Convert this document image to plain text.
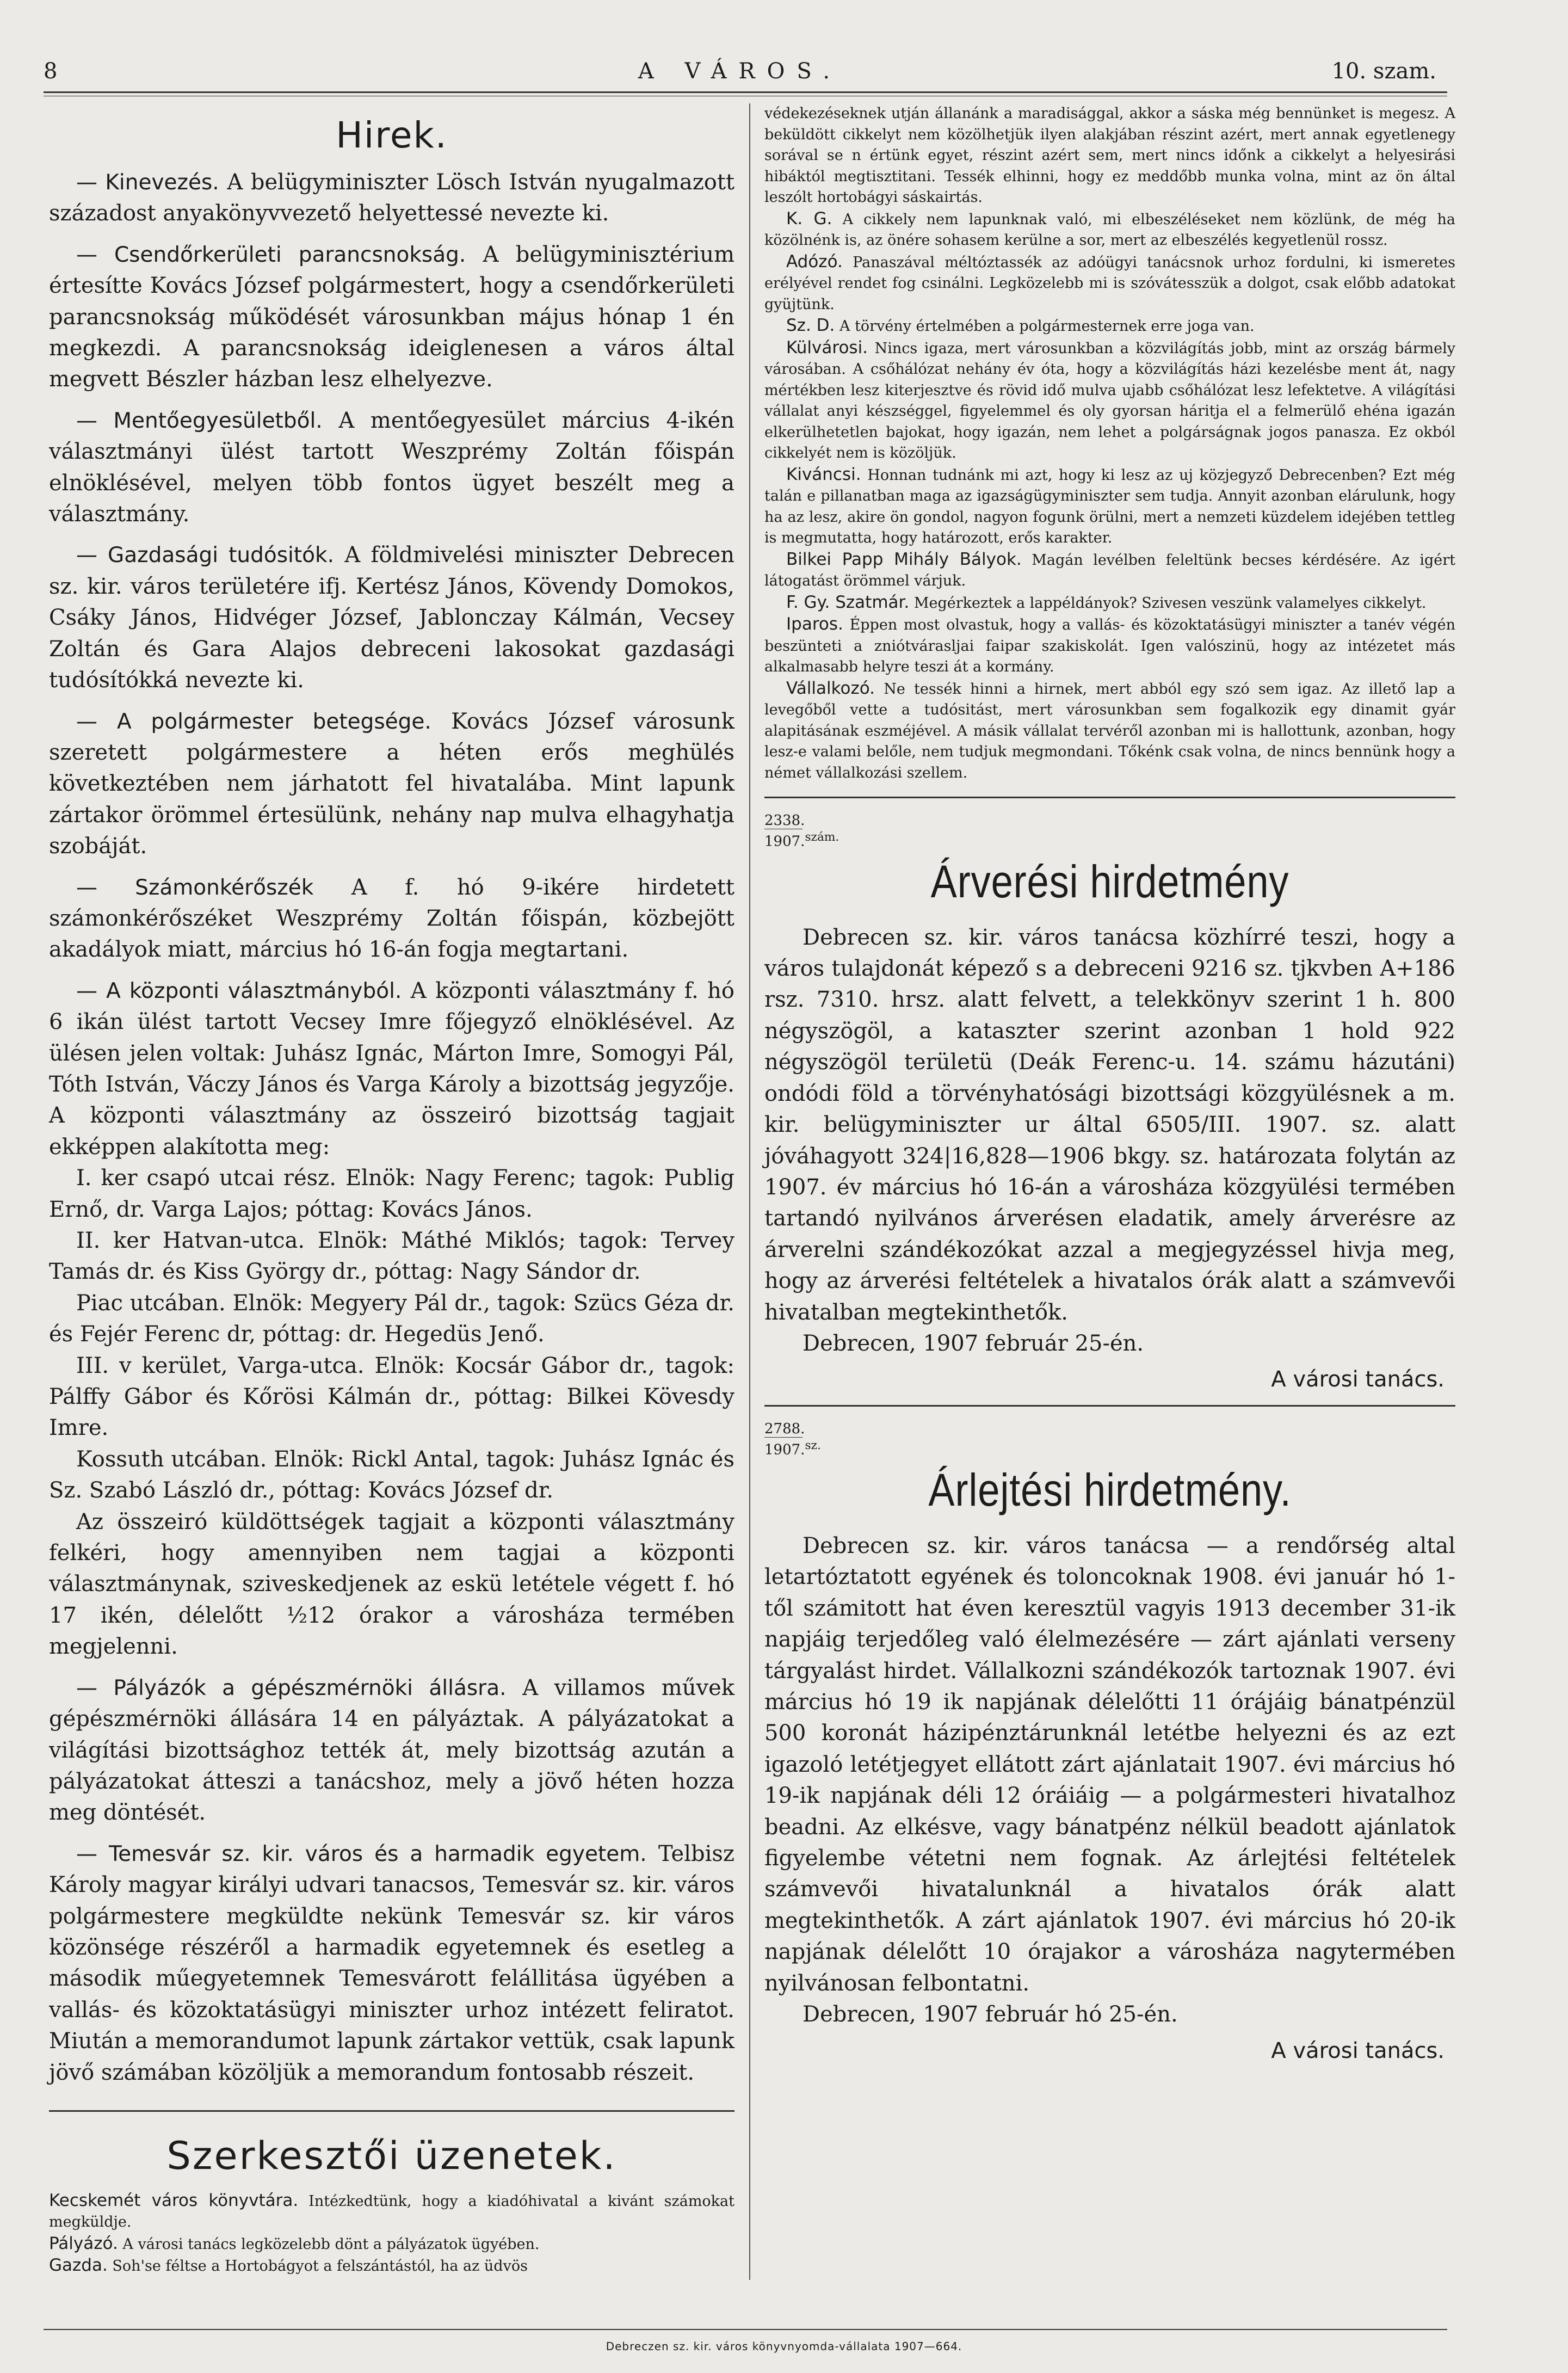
8	A VÁROS.	10. szam.
Hirek.

— Kinevezés. A belügyminiszter Lösch István nyugalmazott századost anyakönyvvezető helyettessé nevezte ki.

— Csendőrkerületi parancsnokság. A belügyminisztérium értesítte Kovács József polgármestert, hogy a csendőrkerületi parancsnokság működését városunkban május hónap 1 én megkezdi. A parancsnokság ideiglenesen a város által megvett Bészler házban lesz elhelyezve.

— Mentőegyesületből. A mentőegyesület március 4-ikén választmányi ülést tartott Weszprémy Zoltán főispán elnöklésével, melyen több fontos ügyet beszélt meg a választmány.

— Gazdasági tudósitók. A földmivelési miniszter Debrecen sz. kir. város területére ifj. Kertész János, Kövendy Domokos, Csáky János, Hidvéger József, Jablonczay Kálmán, Vecsey Zoltán és Gara Alajos debreceni lakosokat gazdasági tudósítókká nevezte ki.

— A polgármester betegsége. Kovács József városunk szeretett polgármestere a héten erős meghülés következtében nem járhatott fel hivatalába. Mint lapunk zártakor örömmel értesülünk, nehány nap mulva elhagyhatja szobáját.

— Számonkérőszék A f. hó 9-ikére hirdetett számonkérőszéket Weszprémy Zoltán főispán, közbejött akadályok miatt, március hó 16-án fogja megtartani.

— A központi választmányból. A központi választmány f. hó 6 ikán ülést tartott Vecsey Imre főjegyző elnöklésével. Az ülésen jelen voltak: Juhász Ignác, Márton Imre, Somogyi Pál, Tóth István, Váczy János és Varga Károly a bizottság jegyzője. A központi választmány az összeiró bizottság tagjait ekképpen alakította meg:

I. ker csapó utcai rész. Elnök: Nagy Ferenc; tagok: Publig Ernő, dr. Varga Lajos; póttag: Kovács János.

II. ker Hatvan-utca. Elnök: Máthé Miklós; tagok: Tervey Tamás dr. és Kiss György dr., póttag: Nagy Sándor dr.

Piac utcában. Elnök: Megyery Pál dr., tagok: Szücs Géza dr. és Fejér Ferenc dr, póttag: dr. Hegedüs Jenő.

III. v kerület, Varga-utca. Elnök: Kocsár Gábor dr., tagok: Pálffy Gábor és Kőrösi Kálmán dr., póttag: Bilkei Kövesdy Imre.

Kossuth utcában. Elnök: Rickl Antal, tagok: Juhász Ignác és Sz. Szabó László dr., póttag: Kovács József dr.

Az összeiró küldöttségek tagjait a központi választmány felkéri, hogy amennyiben nem tagjai a központi választmánynak, sziveskedjenek az eskü letétele végett f. hó 17 ikén, délelőtt ½12 órakor a városháza termében megjelenni.

— Pályázók a gépészmérnöki állásra. A villamos művek gépészmérnöki állására 14 en pályáztak. A pályázatokat a világítási bizottsághoz tették át, mely bizottság azután a pályázatokat átteszi a tanácshoz, mely a jövő héten hozza meg döntését.

— Temesvár sz. kir. város és a harmadik egyetem. Telbisz Károly magyar királyi udvari tanacsos, Temesvár sz. kir. város polgármestere megküldte nekünk Temesvár sz. kir város közönsége részéről a harmadik egyetemnek és esetleg a második műegyetemnek Temesvárott felállitása ügyében a vallás- és közoktatásügyi miniszter urhoz intézett feliratot. Miután a memorandumot lapunk zártakor vettük, csak lapunk jövő számában közöljük a memorandum fontosabb részeit.

Szerkesztői üzenetek.

Kecskemét város könyvtára. Intézkedtünk, hogy a kiadóhivatal a kivánt számokat megküldje.

Pályázó. A városi tanács legközelebb dönt a pályázatok ügyében.

Gazda. Soh'se féltse a Hortobágyot a felszántástól, ha az üdvös

védekezéseknek utján állanánk a maradisággal, akkor a sáska még bennünket is megesz. A beküldött cikkelyt nem közölhetjük ilyen alakjában részint azért, mert annak egyetlenegy sorával se n értünk egyet, részint azért sem, mert nincs időnk a cikkelyt a helyesirási hibáktól megtisztitani. Tessék elhinni, hogy ez meddőbb munka volna, mint az ön által leszólt hortobágyi sáskairtás.

K. G. A cikkely nem lapunknak való, mi elbeszéléseket nem közlünk, de még ha közölnénk is, az önére sohasem kerülne a sor, mert az elbeszélés kegyetlenül rossz.

Adózó. Panaszával méltóztassék az adóügyi tanácsnok urhoz fordulni, ki ismeretes erélyével rendet fog csinálni. Legközelebb mi is szóvátesszük a dolgot, csak előbb adatokat gyüjtünk.

Sz. D. A törvény értelmében a polgármesternek erre joga van.

Külvárosi. Nincs igaza, mert városunkban a közvilágítás jobb, mint az ország bármely városában. A csőhálózat nehány év óta, hogy a közvilágítás házi kezelésbe ment át, nagy mértékben lesz kiterjesztve és rövid idő mulva ujabb csőhálózat lesz lefektetve. A világítási vállalat anyi készséggel, figyelemmel és oly gyorsan háritja el a felmerülő ehéna igazán elkerülhetetlen bajokat, hogy igazán, nem lehet a polgárságnak jogos panasza. Ez okból cikkelyét nem is közöljük.

Kiváncsi. Honnan tudnánk mi azt, hogy ki lesz az uj közjegyző Debrecenben? Ezt még talán e pillanatban maga az igazságügyminiszter sem tudja. Annyit azonban elárulunk, hogy ha az lesz, akire ön gondol, nagyon fogunk örülni, mert a nemzeti küzdelem idejében tettleg is megmutatta, hogy határozott, erős karakter.

Bilkei Papp Mihály Bályok. Magán levélben feleltünk becses kérdésére. Az igért látogatást örömmel várjuk.

F. Gy. Szatmár. Megérkeztek a lappéldányok? Szivesen veszünk valamelyes cikkelyt.

Iparos. Éppen most olvastuk, hogy a vallás- és közoktatásügyi miniszter a tanév végén beszünteti a zniótvárasljai faipar szakiskolát. Igen valószinü, hogy az intézetet más alkalmasabb helyre teszi át a kormány.

Vállalkozó. Ne tessék hinni a hirnek, mert abból egy szó sem igaz. Az illető lap a levegőből vette a tudósitást, mert városunkban sem fogalkozik egy dinamit gyár alapitásának eszméjével. A másik vállalat tervéről azonban mi is hallottunk, azonban, hogy lesz-e valami belőle, nem tudjuk megmondani. Tőkénk csak volna, de nincs bennünk hogy a német vállalkozási szellem.

2338.
1907.$^{szám.}$
Árverési hirdetmény

Debrecen sz. kir. város tanácsa közhírré teszi, hogy a város tulajdonát képező s a debreceni 9216 sz. tjkvben A+186 rsz. 7310. hrsz. alatt felvett, a telekkönyv szerint 1 h. 800 négyszögöl, a kataszter szerint azonban 1 hold 922 négyszögöl területü (Deák Ferenc-u. 14. számu házutáni) ondódi föld a törvényhatósági bizottsági közgyülésnek a m. kir. belügyminiszter ur által 6505/III. 1907. sz. alatt jóváhagyott 324|16,828—1906 bkgy. sz. határozata folytán az 1907. év március hó 16-án a városháza közgyülési termében tartandó nyilvános árverésen eladatik, amely árverésre az árverelni szándékozókat azzal a megjegyzéssel hivja meg, hogy az árverési feltételek a hivatalos órák alatt a számvevői hivatalban megtekinthetők.

Debrecen, 1907 február 25-én.

A városi tanács.
2788.
1907.$^{sz.}$
Árlejtési hirdetmény.

Debrecen sz. kir. város tanácsa — a rendőrség altal letartóztatott egyének és toloncoknak 1908. évi január hó 1-től számitott hat éven keresztül vagyis 1913 december 31-ik napjáig terjedőleg való élelmezésére — zárt ajánlati verseny tárgyalást hirdet. Vállalkozni szándékozók tartoznak 1907. évi március hó 19 ik napjának délelőtti 11 órájáig bánatpénzül 500 koronát házipénztárunknál letétbe helyezni és az ezt igazoló letétjegyet ellátott zárt ajánlatait 1907. évi március hó 19-ik napjának déli 12 óráiáig — a polgármesteri hivatalhoz beadni. Az elkésve, vagy bánatpénz nélkül beadott ajánlatok figyelembe vétetni nem fognak. Az árlejtési feltételek számvevői hivatalunknál a hivatalos órák alatt megtekinthetők. A zárt ajánlatok 1907. évi március hó 20-ik napjának délelőtt 10 órajakor a városháza nagytermében nyilvánosan felbontatni.

Debrecen, 1907 február hó 25-én.

A városi tanács.
Debreczen sz. kir. város könyvnyomda-vállalata 1907—664.
